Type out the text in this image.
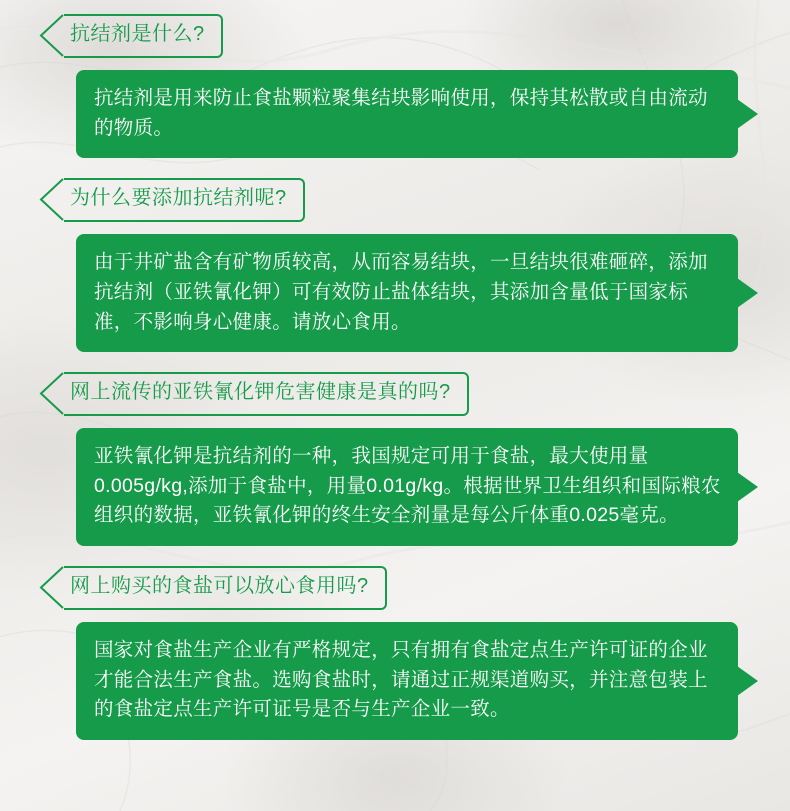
抗结剂是什么?
抗结剂是用来防止食盐颗粒聚集结块影响使用，保持其松散或自由流动的物质。
为什么要添加抗结剂呢?
由于井矿盐含有矿物质较高，从而容易结块，一旦结块很难砸碎，添加抗结剂（亚铁氰化钾）可有效防止盐体结块，其添加含量低于国家标准，不影响身心健康。请放心食用。
网上流传的亚铁氰化钾危害健康是真的吗?
亚铁氰化钾是抗结剂的一种，我国规定可用于食盐，最大使用量0.005g/kg,添加于食盐中，用量0.01g/kg。根据世界卫生组织和国际粮农组织的数据，亚铁氰化钾的终生安全剂量是每公斤体重0.025毫克。
网上购买的食盐可以放心食用吗?
国家对食盐生产企业有严格规定，只有拥有食盐定点生产许可证的企业才能合法生产食盐。选购食盐时，请通过正规渠道购买，并注意包装上的食盐定点生产许可证号是否与生产企业一致。
